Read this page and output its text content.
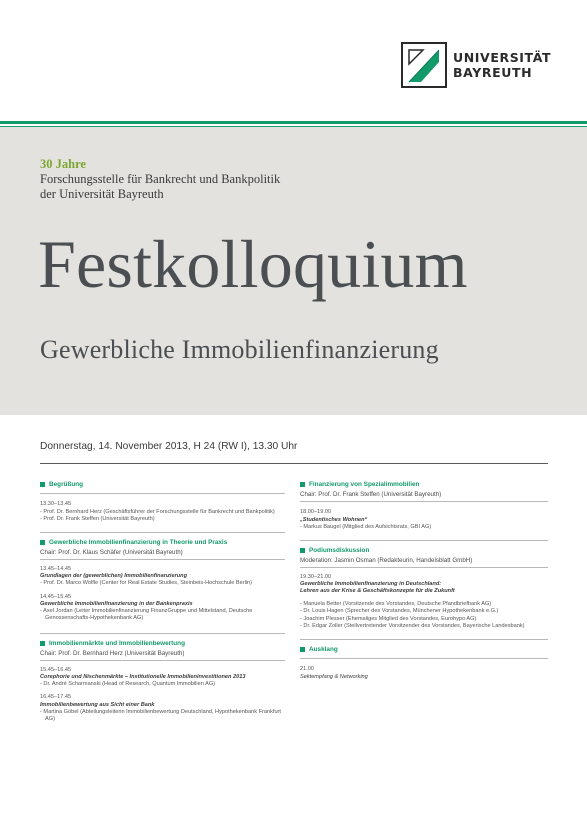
UNIVERSITÄT
BAYREUTH
30 Jahre
Forschungsstelle für Bankrecht und Bankpolitik
der Universität Bayreuth
Festkolloquium
Gewerbliche Immobilienfinanzierung
Donnerstag, 14. November 2013, H 24 (RW I), 13.30 Uhr
Begrüßung
13.30–13.45
- Prof. Dr. Bernhard Herz (Geschäftsführer der Forschungsstelle für Bankrecht und Bankpolitik)
- Prof. Dr. Frank Steffen (Universität Bayreuth)
Gewerbliche Immobilienfinanzierung in Theorie und Praxis
Chair: Prof. Dr. Klaus Schäfer (Universität Bayreuth)
13.45–14.45
Grundlagen der (gewerblichen) Immobilienfinanzierung
- Prof. Dr. Marco Wölfle (Center for Real Estate Studies, Steinbeis-Hochschule Berlin)
14.45–15.45
Gewerbliche Immobilienfinanzierung in der Bankenpraxis
- Axel Jordan (Leiter Immobilienfinanzierung FinanzGruppe und Mittelstand, Deutsche Genossenschafts-Hypothekenbank AG)
Immobilienmärkte und Immobilienbewertung
Chair: Prof. Dr. Bernhard Herz (Universität Bayreuth)
15.45–16.45
Corephorie und Nischenmärkte – Institutionelle Immobilieninvestitionen 2013
- Dr. André Scharmanski (Head of Research, Quantum Immobilien AG)
16.45–17.45
Immobilienbewertung aus Sicht einer Bank
- Martina Göbel (Abteilungsleiterin Immobilienbewertung Deutschland, Hypothekenbank Frankfurt AG)
Finanzierung von Spezialimmobilien
Chair: Prof. Dr. Frank Steffen (Universität Bayreuth)
18.00–19.00
„Studentisches Wohnen“
- Markus Baugel (Mitglied des Aufsichtsrats, GBI AG)
Podiumsdiskussion
Moderation: Jasmin Osman (Redakteurin, Handelsblatt GmbH)
19.30–21.00
Gewerbliche Immobilienfinanzierung in Deutschland:
Lehren aus der Krise & Geschäftskonzepte für die Zukunft
- Manuela Better (Vorsitzende des Vorstandes, Deutsche Pfandbriefbank AG)
- Dr. Louis Hagen (Sprecher des Vorstandes, Münchener Hypothekenbank e.G.)
- Joachim Plesser (Ehemaliges Mitglied des Vorstandes, Eurohypo AG)
- Dr. Edgar Zoller (Stellvertretender Vorsitzender des Vorstandes, Bayerische Landesbank)
Ausklang
21.00
Sektempfang & Networking
